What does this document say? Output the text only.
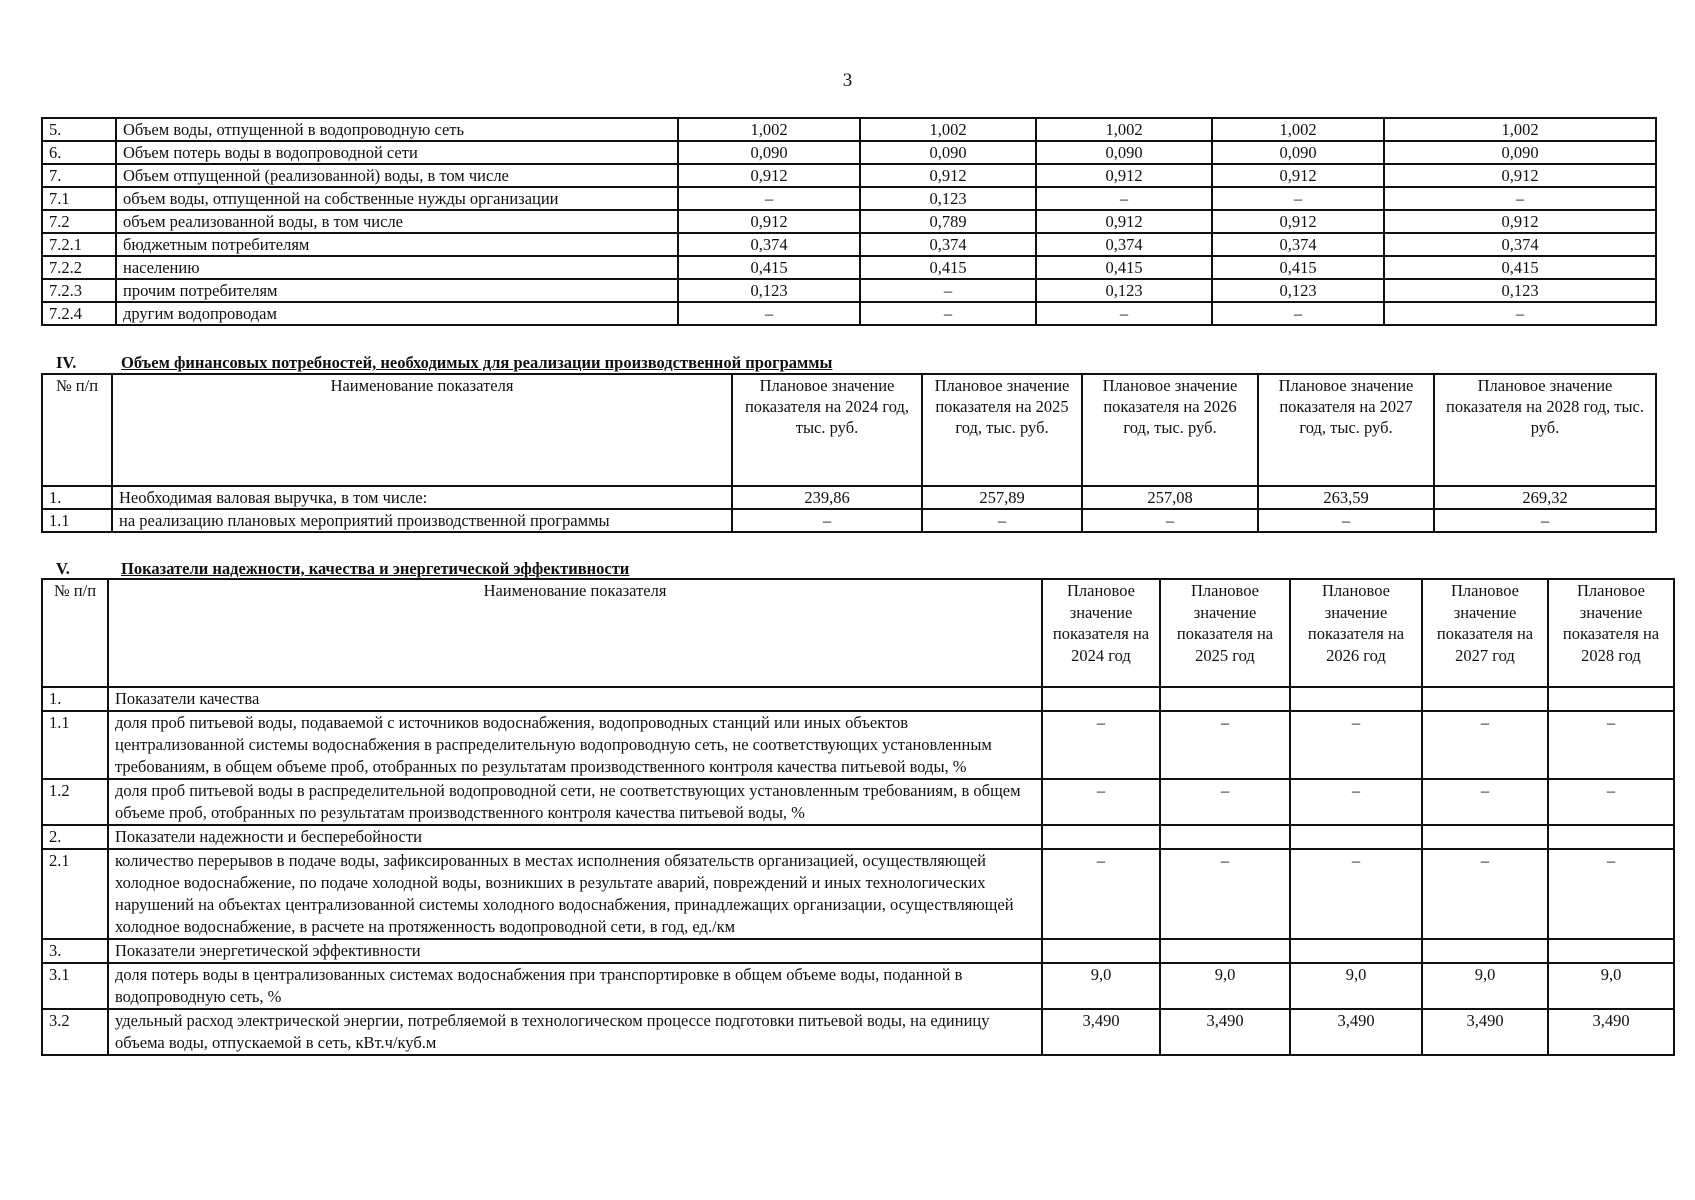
3
5.	Объем воды, отпущенной в водопроводную сеть	1,002	1,002	1,002	1,002	1,002
6.	Объем потерь воды в водопроводной сети	0,090	0,090	0,090	0,090	0,090
7.	Объем отпущенной (реализованной) воды, в том числе	0,912	0,912	0,912	0,912	0,912
7.1	объем воды, отпущенной на собственные нужды организации	–	0,123	–	–	–
7.2	объем реализованной воды, в том числе	0,912	0,789	0,912	0,912	0,912
7.2.1	бюджетным потребителям	0,374	0,374	0,374	0,374	0,374
7.2.2	населению	0,415	0,415	0,415	0,415	0,415
7.2.3	прочим потребителям	0,123	–	0,123	0,123	0,123
7.2.4	другим водопроводам	–	–	–	–	–
IV.	Объем финансовых потребностей, необходимых для реализации производственной программы
№ п/п	Наименование показателя	Плановое значение показателя на 2024 год, тыс. руб.	Плановое значение показателя на 2025 год, тыс. руб.	Плановое значение показателя на 2026 год, тыс. руб.	Плановое значение показателя на 2027 год, тыс. руб.	Плановое значение показателя на 2028 год, тыс. руб.
1.	Необходимая валовая выручка, в том числе:	239,86	257,89	257,08	263,59	269,32
1.1	на реализацию плановых мероприятий производственной программы	–	–	–	–	–
V.	Показатели надежности, качества и энергетической эффективности
№ п/п	Наименование показателя	Плановое значение показателя на 2024 год	Плановое значение показателя на 2025 год	Плановое значение показателя на 2026 год	Плановое значение показателя на 2027 год	Плановое значение показателя на 2028 год
1.	Показатели качества					
1.1	доля проб питьевой воды, подаваемой с источников водоснабжения, водопроводных станций или иных объектов централизованной системы водоснабжения в распределительную водопроводную сеть, не соответствующих установленным требованиям, в общем объеме проб, отобранных по результатам производственного контроля качества питьевой воды, %	–	–	–	–	–
1.2	доля проб питьевой воды в распределительной водопроводной сети, не соответствующих установленным требованиям, в общем объеме проб, отобранных по результатам производственного контроля качества питьевой воды, %	–	–	–	–	–
2.	Показатели надежности и бесперебойности					
2.1	количество перерывов в подаче воды, зафиксированных в местах исполнения обязательств организацией, осуществляющей холодное водоснабжение, по подаче холодной воды, возникших в результате аварий, повреждений и иных технологических нарушений на объектах централизованной системы холодного водоснабжения, принадлежащих организации, осуществляющей холодное водоснабжение, в расчете на протяженность водопроводной сети, в год, ед./км	–	–	–	–	–
3.	Показатели энергетической эффективности					
3.1	доля потерь воды в централизованных системах водоснабжения при транспортировке в общем объеме воды, поданной в водопроводную сеть, %	9,0	9,0	9,0	9,0	9,0
3.2	удельный расход электрической энергии, потребляемой в технологическом процессе подготовки питьевой воды, на единицу объема воды, отпускаемой в сеть, кВт.ч/куб.м	3,490	3,490	3,490	3,490	3,490
